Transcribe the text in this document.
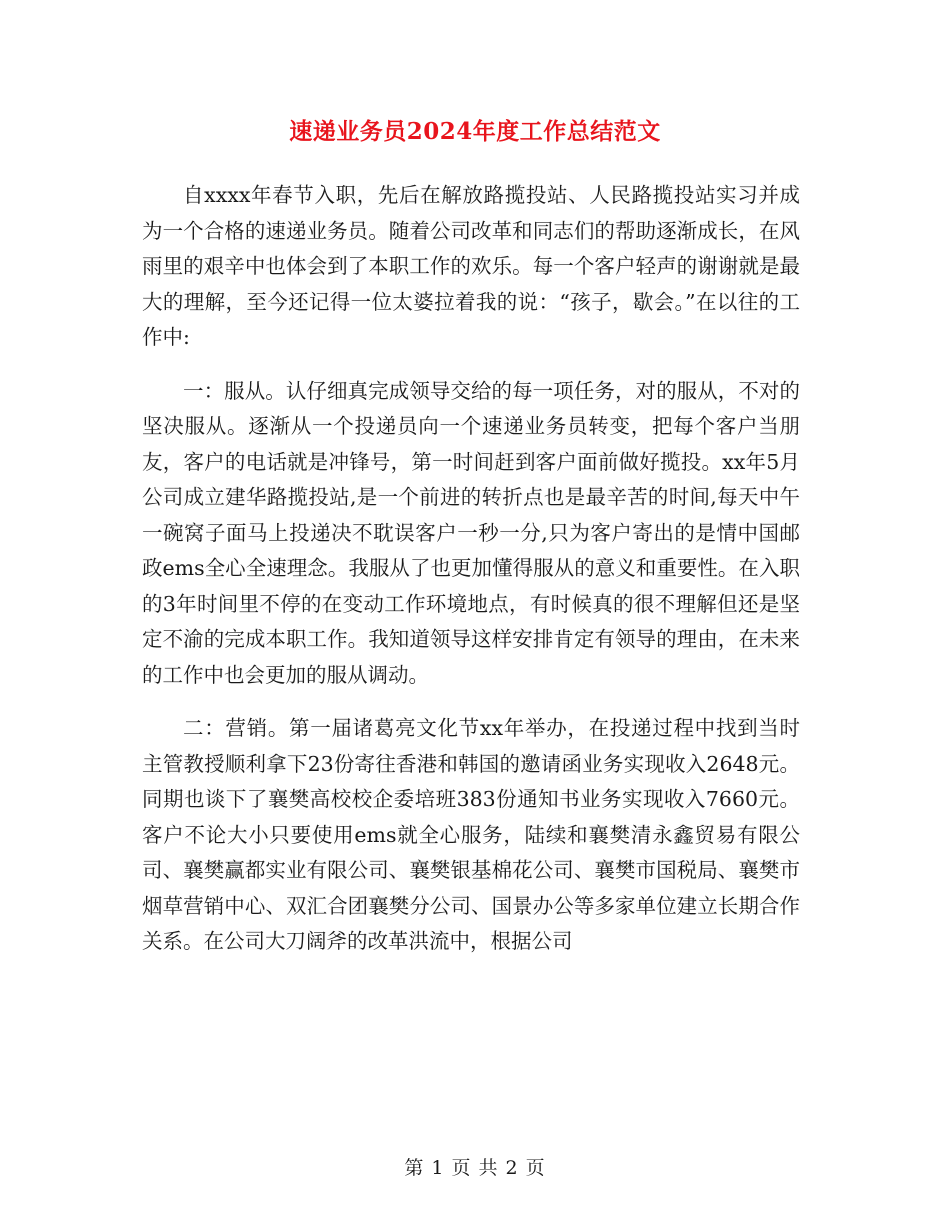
速递业务员2024年度工作总结范文

自xxxx年春节入职，先后在解放路揽投站、人民路揽投站实习并成为一个合格的速递业务员。随着公司改革和同志们的帮助逐渐成长，在风雨里的艰辛中也体会到了本职工作的欢乐。每一个客户轻声的谢谢就是最大的理解，至今还记得一位太婆拉着我的说：“孩子，歇会。”在以往的工作中:

一：服从。认仔细真完成领导交给的每一项任务，对的服从，不对的坚决服从。逐渐从一个投递员向一个速递业务员转变，把每个客户当朋友，客户的电话就是冲锋号，第一时间赶到客户面前做好揽投。xx年5月公司成立建华路揽投站,是一个前进的转折点也是最辛苦的时间,每天中午一碗窝子面马上投递决不耽误客户一秒一分,只为客户寄出的是情中国邮政ems全心全速理念。我服从了也更加懂得服从的意义和重要性。在入职的3年时间里不停的在变动工作环境地点，有时候真的很不理解但还是坚定不渝的完成本职工作。我知道领导这样安排肯定有领导的理由，在未来的工作中也会更加的服从调动。

二：营销。第一届诸葛亮文化节xx年举办，在投递过程中找到当时主管教授顺利拿下23份寄往香港和韩国的邀请函业务实现收入2648元。同期也谈下了襄樊高校校企委培班383份通知书业务实现收入7660元。客户不论大小只要使用ems就全心服务，陆续和襄樊清永鑫贸易有限公司、襄樊赢都实业有限公司、襄樊银基棉花公司、襄樊市国税局、襄樊市烟草营销中心、双汇合团襄樊分公司、国景办公等多家单位建立长期合作关系。在公司大刀阔斧的改革洪流中，根据公司

第 1 页 共 2 页
